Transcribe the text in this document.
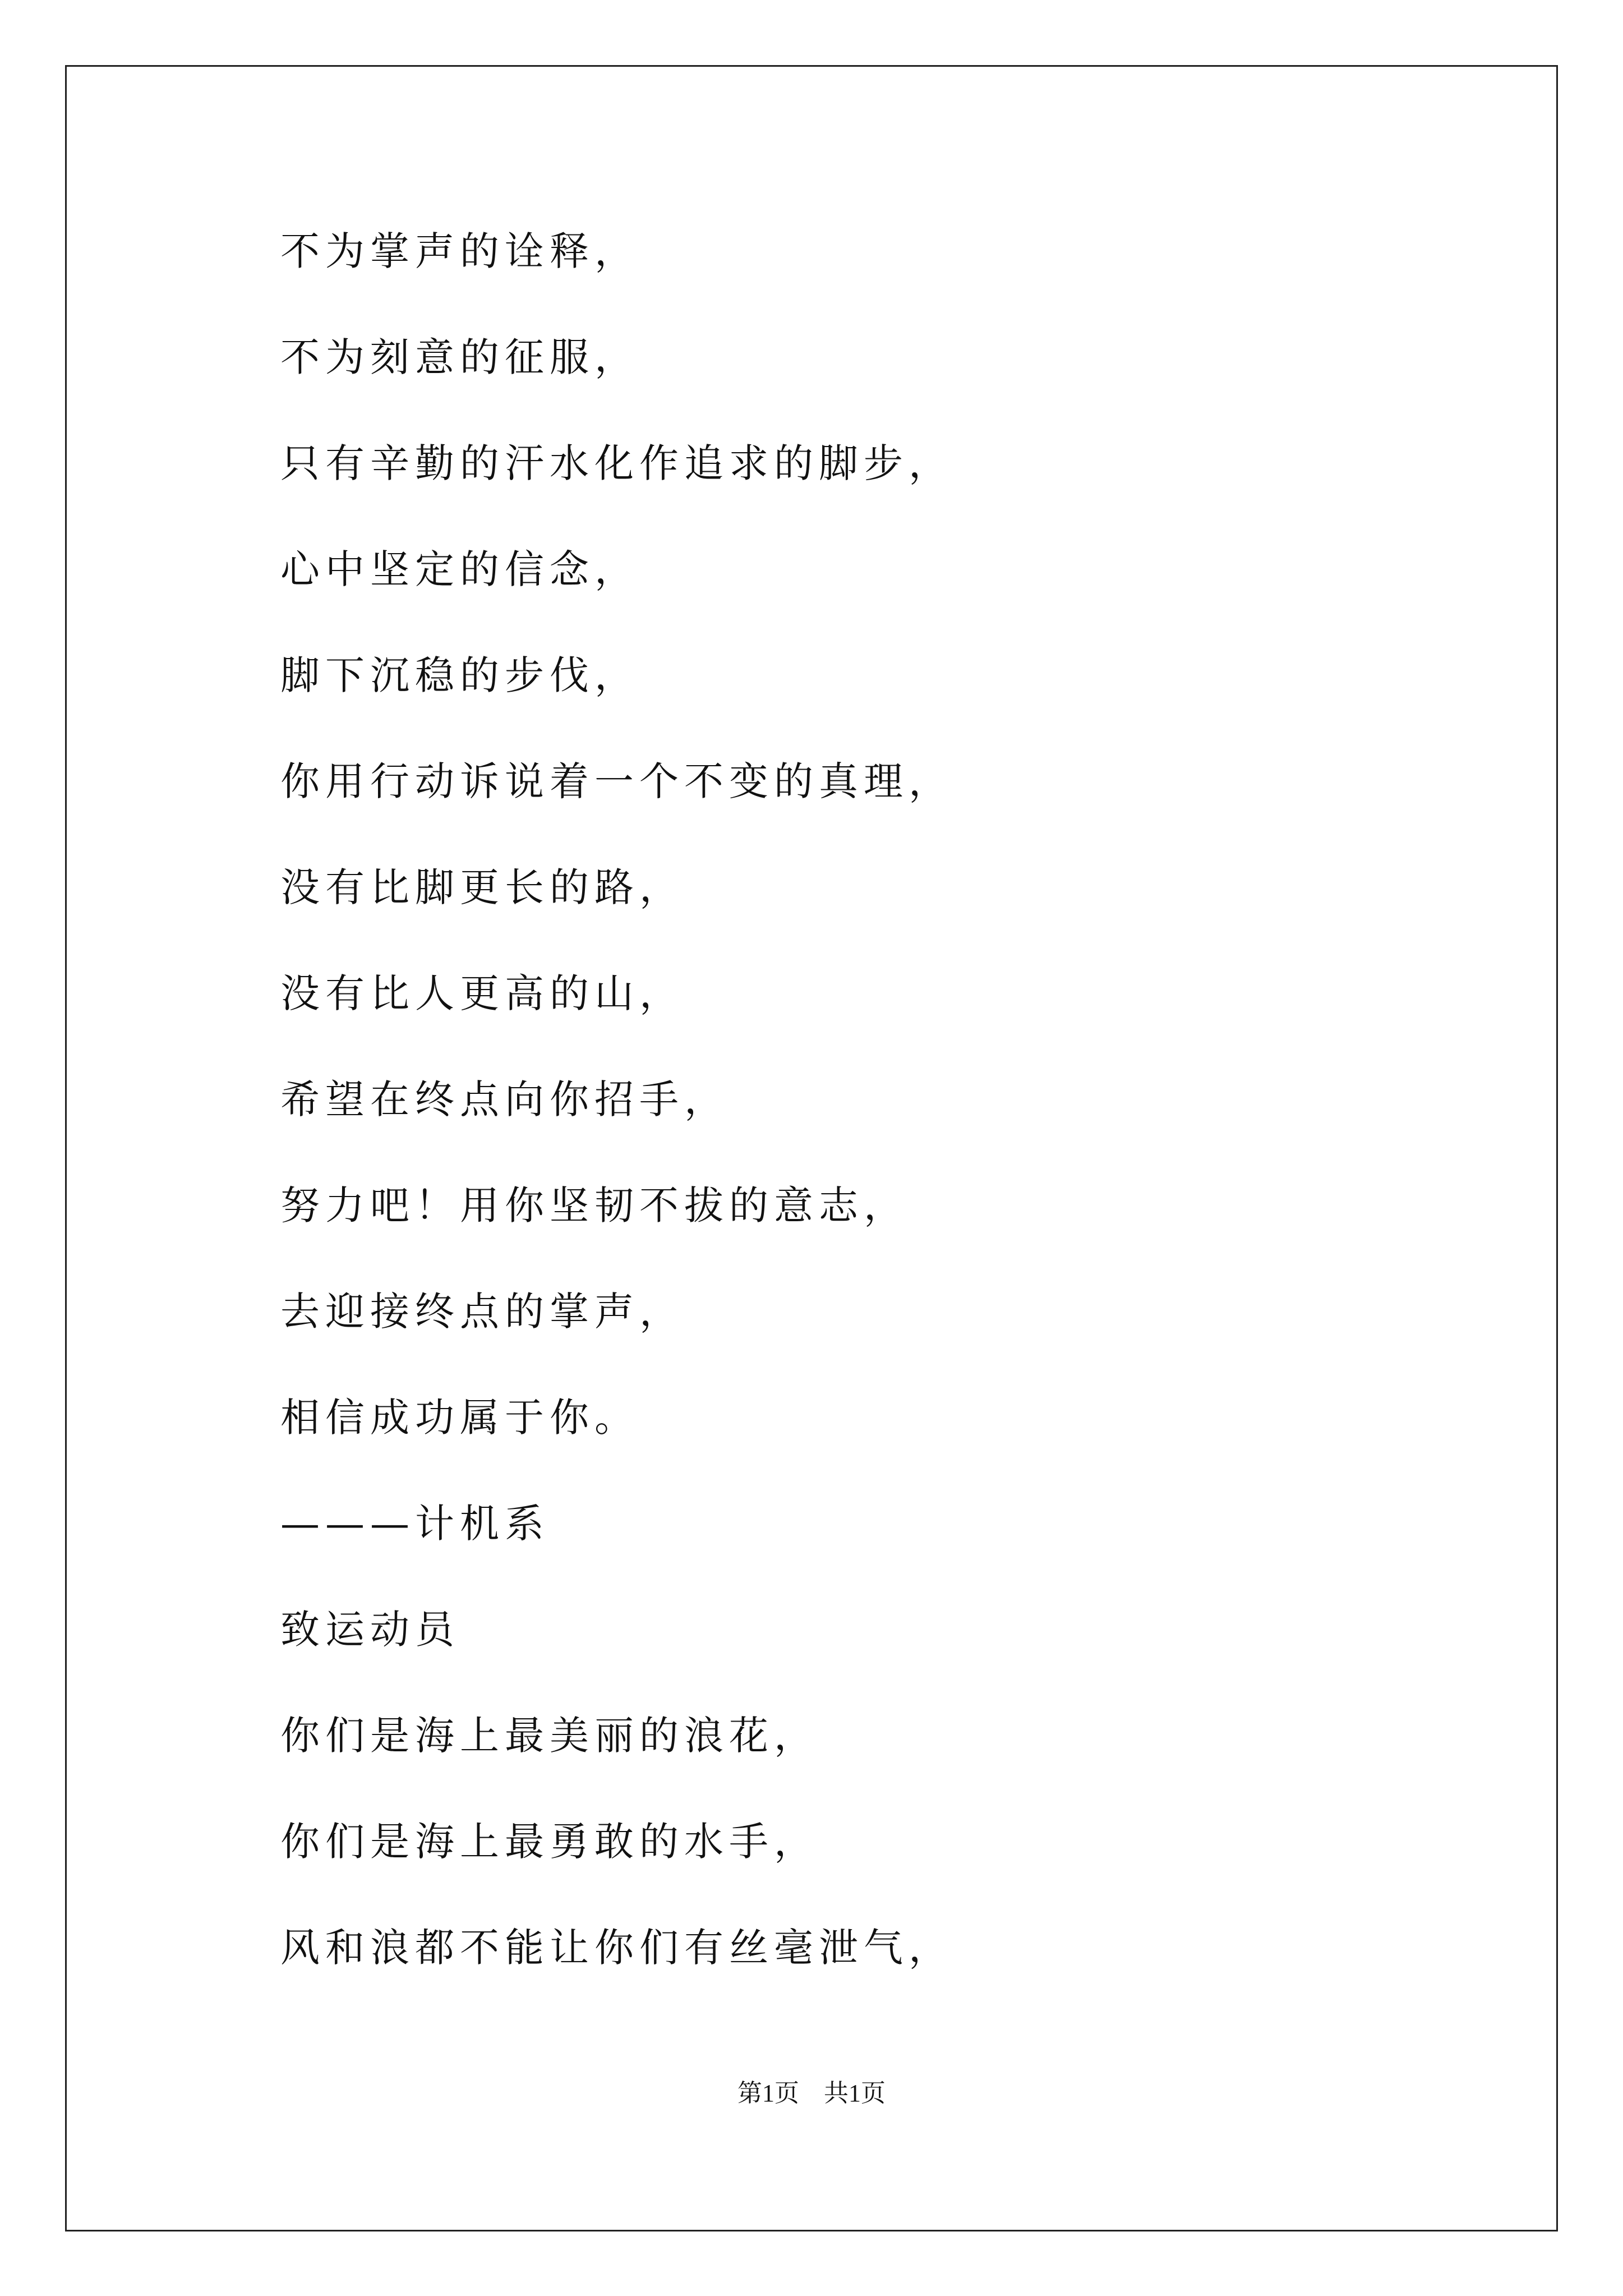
不为掌声的诠释，
不为刻意的征服，
只有辛勤的汗水化作追求的脚步，
心中坚定的信念，
脚下沉稳的步伐，
你用行动诉说着一个不变的真理，
没有比脚更长的路，
没有比人更高的山，
希望在终点向你招手，
努力吧！用你坚韧不拔的意志，
去迎接终点的掌声，
相信成功属于你。
———计机系
致运动员
你们是海上最美丽的浪花，
你们是海上最勇敢的水手，
风和浪都不能让你们有丝毫泄气，
第1页 共1页
